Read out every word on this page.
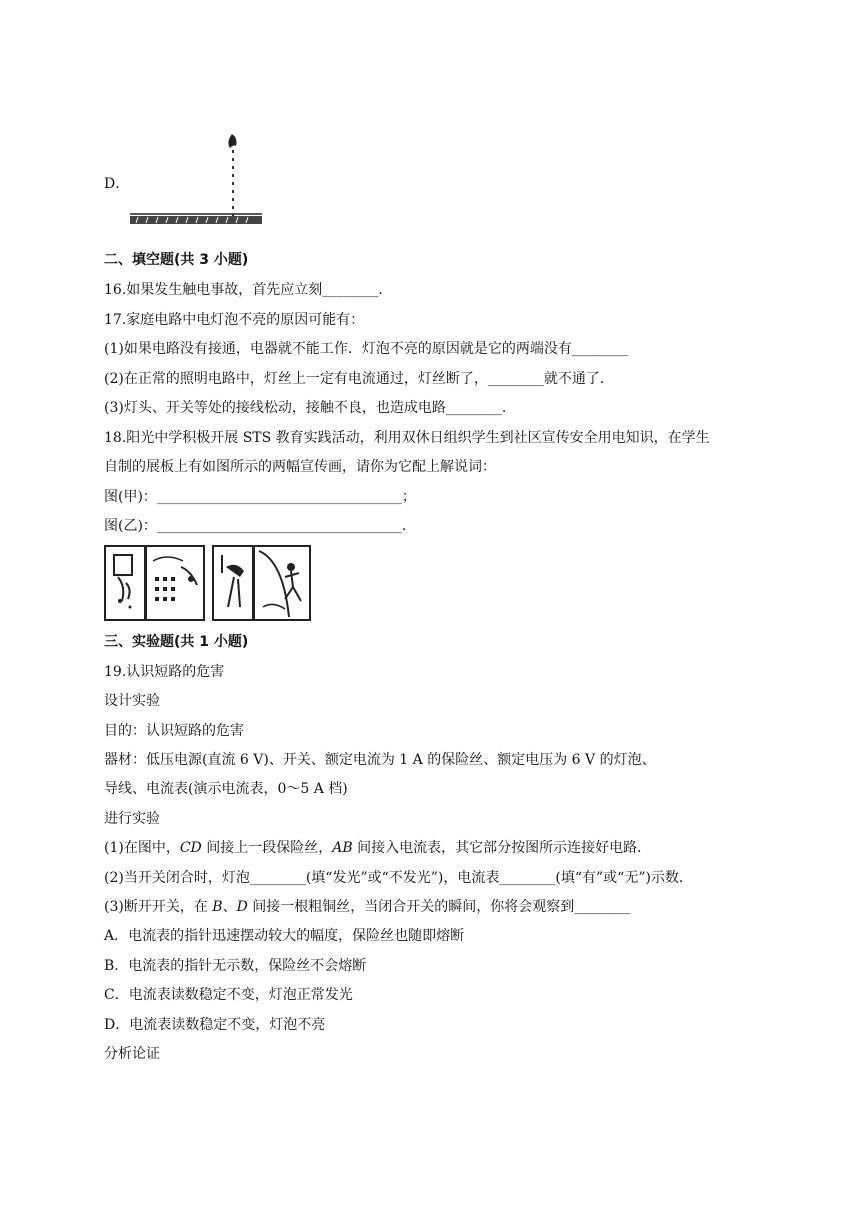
D．
二、填空题(共 3 小题)
16.如果发生触电事故，首先应立刻________.
17.家庭电路中电灯泡不亮的原因可能有：
(1)如果电路没有接通，电器就不能工作．灯泡不亮的原因就是它的两端没有________
(2)在正常的照明电路中，灯丝上一定有电流通过，灯丝断了，________就不通了．
(3)灯头、开关等处的接线松动，接触不良，也造成电路________.
18.阳光中学积极开展 STS 教育实践活动，利用双休日组织学生到社区宣传安全用电知识，在学生
自制的展板上有如图所示的两幅宣传画，请你为它配上解说词：
图(甲)：___________________________________；
图(乙)：___________________________________.
三、实验题(共 1 小题)
19.认识短路的危害
设计实验
目的：认识短路的危害
器材：低压电源(直流 6 V)、开关、额定电流为 1 A 的保险丝、额定电压为 6 V 的灯泡、
导线、电流表(演示电流表，0～5 A 档)
进行实验
(1)在图中，CD 间接上一段保险丝，AB 间接入电流表，其它部分按图所示连接好电路．
(2)当开关闭合时，灯泡________(填“发光”或“不发光”)，电流表________(填“有”或“无”)示数．
(3)断开开关，在 B、D 间接一根粗铜丝，当闭合开关的瞬间，你将会观察到________
A．电流表的指针迅速摆动较大的幅度，保险丝也随即熔断
B．电流表的指针无示数，保险丝不会熔断
C．电流表读数稳定不变，灯泡正常发光
D．电流表读数稳定不变，灯泡不亮
分析论证
